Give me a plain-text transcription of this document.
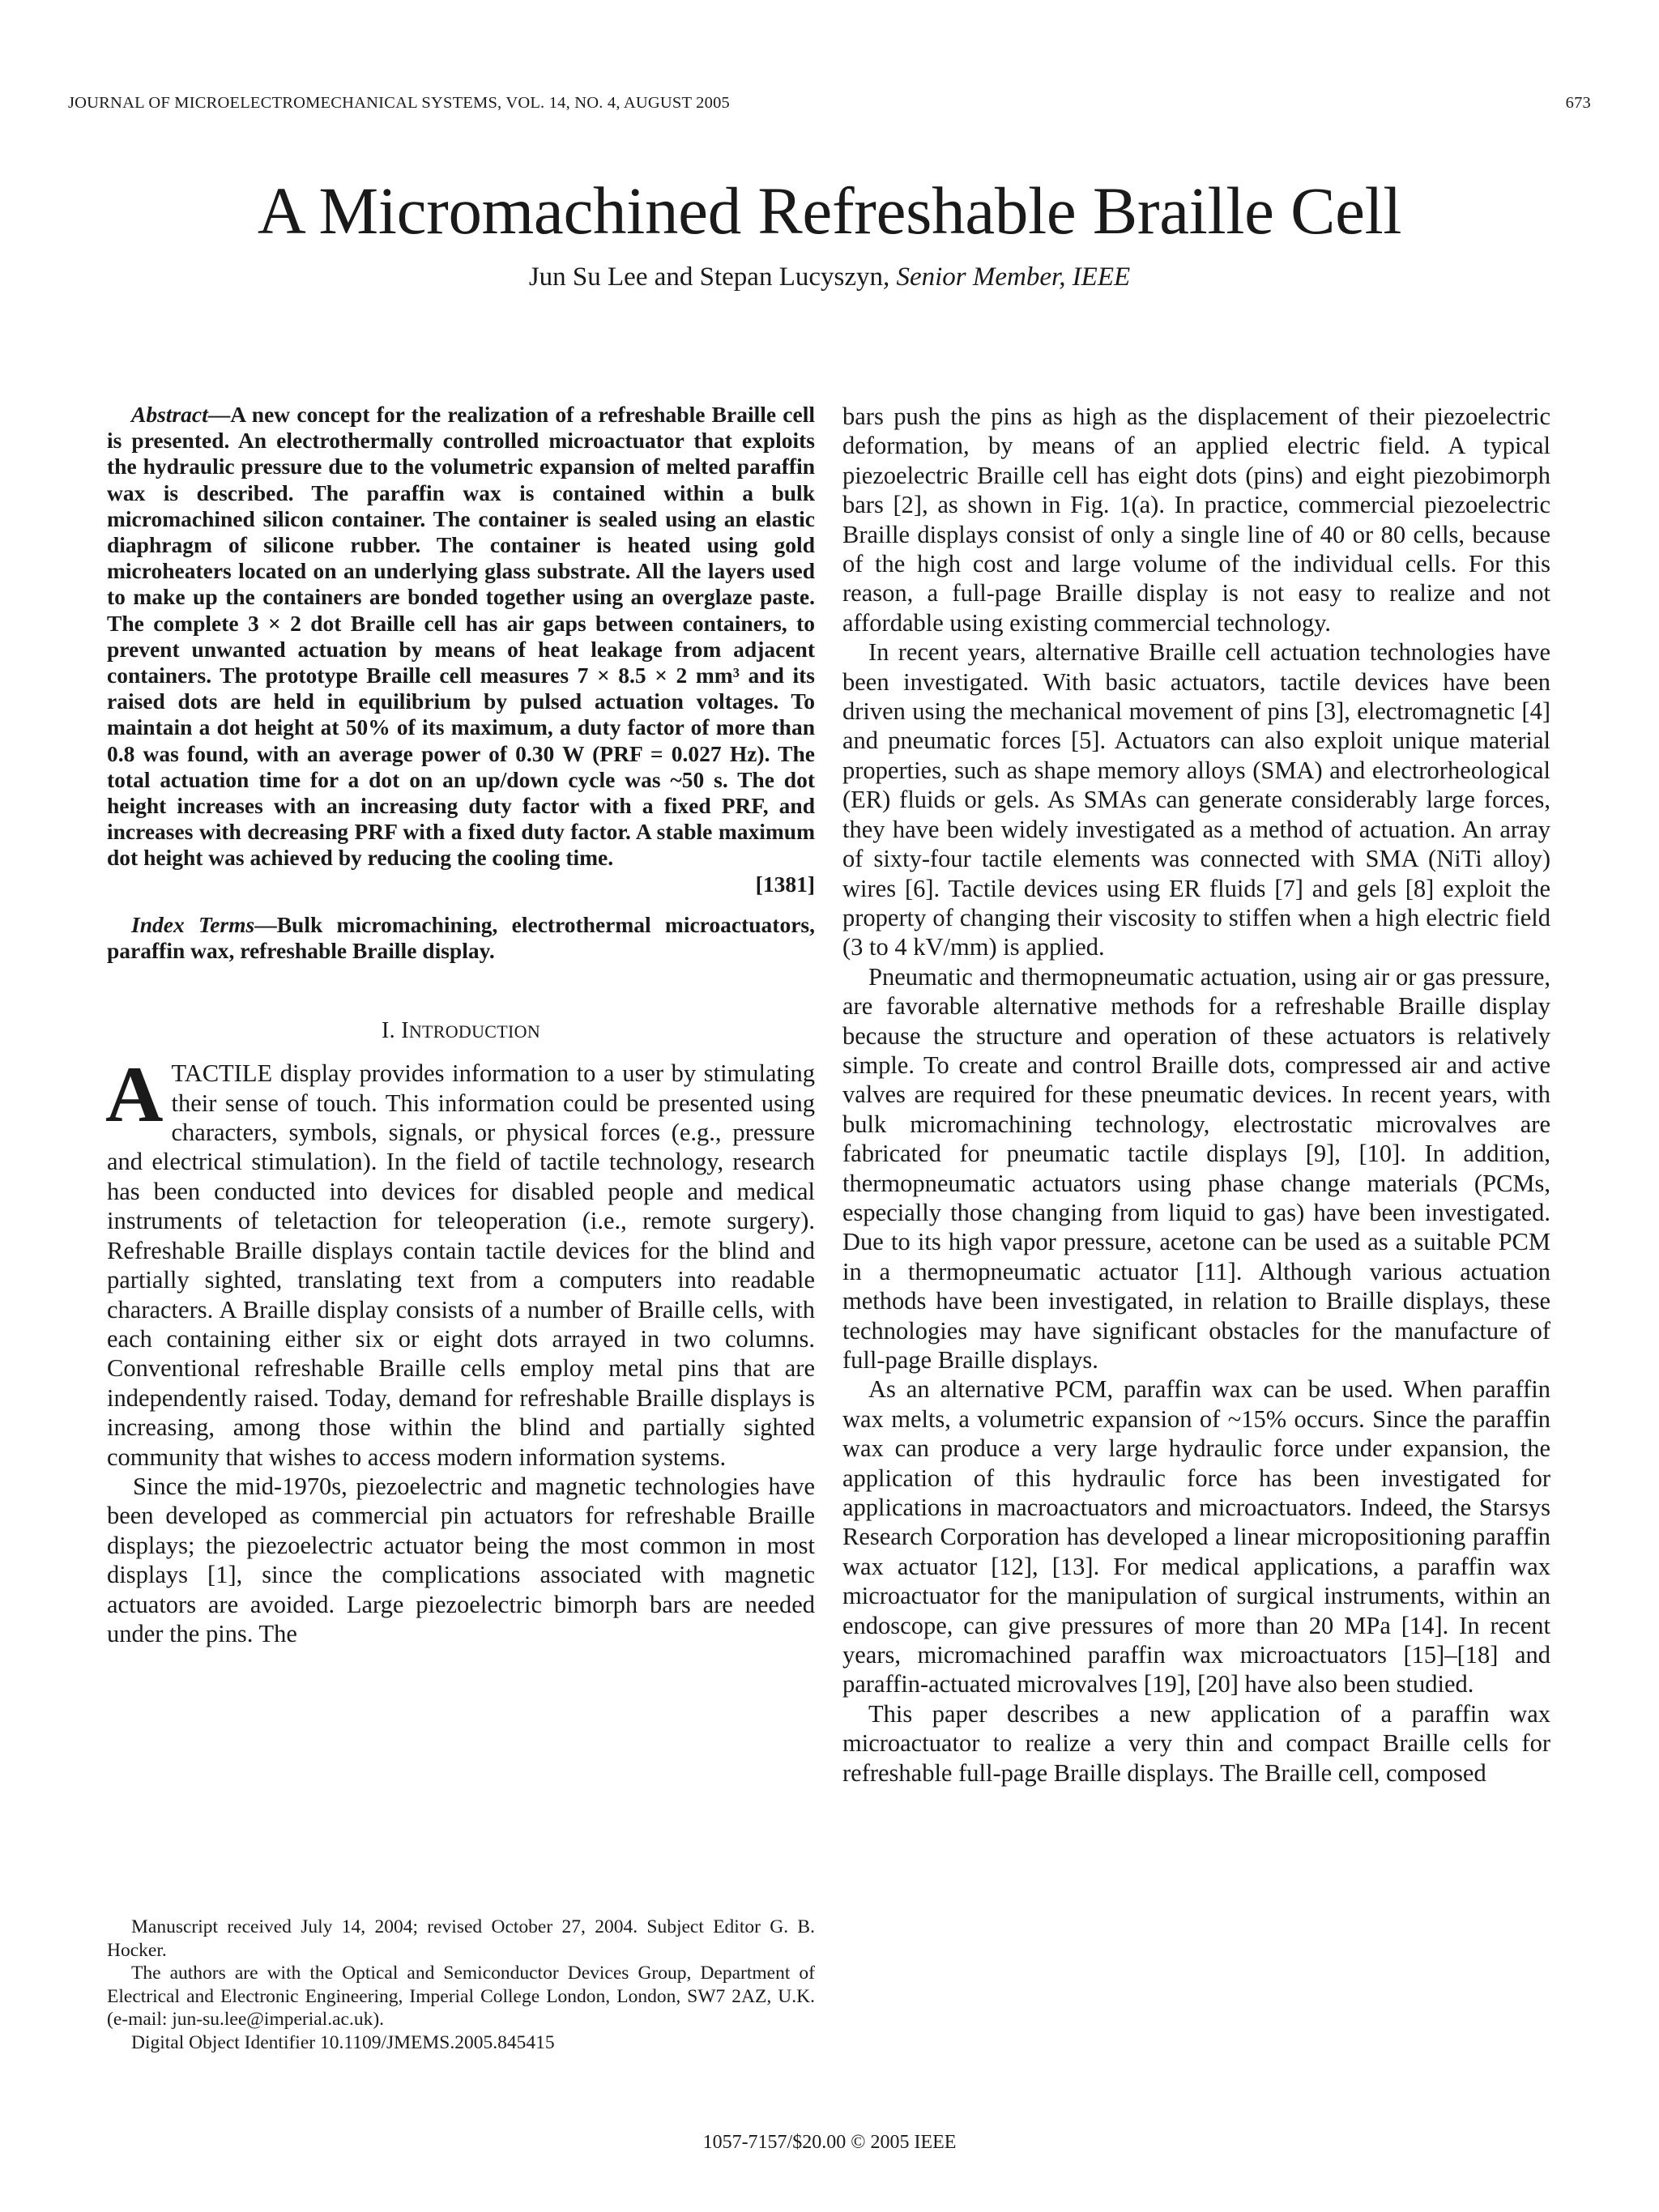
JOURNAL OF MICROELECTROMECHANICAL SYSTEMS, VOL. 14, NO. 4, AUGUST 2005	673
A Micromachined Refreshable Braille Cell
Jun Su Lee and Stepan Lucyszyn, Senior Member, IEEE

Abstract—A new concept for the realization of a refreshable Braille cell is presented. An electrothermally controlled microactuator that exploits the hydraulic pressure due to the volumetric expansion of melted paraffin wax is described. The paraffin wax is contained within a bulk micromachined silicon container. The container is sealed using an elastic diaphragm of silicone rubber. The container is heated using gold microheaters located on an underlying glass substrate. All the layers used to make up the containers are bonded together using an overglaze paste. The complete 3 × 2 dot Braille cell has air gaps between containers, to prevent unwanted actuation by means of heat leakage from adjacent containers. The prototype Braille cell measures 7 × 8.5 × 2 mm³ and its raised dots are held in equilibrium by pulsed actuation voltages. To maintain a dot height at 50% of its maximum, a duty factor of more than 0.8 was found, with an average power of 0.30 W (PRF = 0.027 Hz). The total actuation time for a dot on an up/down cycle was ~50 s. The dot height increases with an increasing duty factor with a fixed PRF, and increases with decreasing PRF with a fixed duty factor. A stable maximum dot height was achieved by reducing the cooling time.
[1381]

Index Terms—Bulk micromachining, electrothermal microactuators, paraffin wax, refreshable Braille display.

I. INTRODUCTION

ATACTILE display provides information to a user by stimulating their sense of touch. This information could be presented using characters, symbols, signals, or physical forces (e.g., pressure and electrical stimulation). In the field of tactile technology, research has been conducted into devices for disabled people and medical instruments of teletaction for teleoperation (i.e., remote surgery). Refreshable Braille displays contain tactile devices for the blind and partially sighted, translating text from a computers into readable characters. A Braille display consists of a number of Braille cells, with each containing either six or eight dots arrayed in two columns. Conventional refreshable Braille cells employ metal pins that are independently raised. Today, demand for refreshable Braille displays is increasing, among those within the blind and partially sighted community that wishes to access modern information systems.

Since the mid-1970s, piezoelectric and magnetic technologies have been developed as commercial pin actuators for refreshable Braille displays; the piezoelectric actuator being the most common in most displays [1], since the complications associated with magnetic actuators are avoided. Large piezoelectric bimorph bars are needed under the pins. The

bars push the pins as high as the displacement of their piezoelectric deformation, by means of an applied electric field. A typical piezoelectric Braille cell has eight dots (pins) and eight piezobimorph bars [2], as shown in Fig. 1(a). In practice, commercial piezoelectric Braille displays consist of only a single line of 40 or 80 cells, because of the high cost and large volume of the individual cells. For this reason, a full-page Braille display is not easy to realize and not affordable using existing commercial technology.

In recent years, alternative Braille cell actuation technologies have been investigated. With basic actuators, tactile devices have been driven using the mechanical movement of pins [3], electromagnetic [4] and pneumatic forces [5]. Actuators can also exploit unique material properties, such as shape memory alloys (SMA) and electrorheological (ER) fluids or gels. As SMAs can generate considerably large forces, they have been widely investigated as a method of actuation. An array of sixty-four tactile elements was connected with SMA (NiTi alloy) wires [6]. Tactile devices using ER fluids [7] and gels [8] exploit the property of changing their viscosity to stiffen when a high electric field (3 to 4 kV/mm) is applied.

Pneumatic and thermopneumatic actuation, using air or gas pressure, are favorable alternative methods for a refreshable Braille display because the structure and operation of these actuators is relatively simple. To create and control Braille dots, compressed air and active valves are required for these pneumatic devices. In recent years, with bulk micromachining technology, electrostatic microvalves are fabricated for pneumatic tactile displays [9], [10]. In addition, thermopneumatic actuators using phase change materials (PCMs, especially those changing from liquid to gas) have been investigated. Due to its high vapor pressure, acetone can be used as a suitable PCM in a thermopneumatic actuator [11]. Although various actuation methods have been investigated, in relation to Braille displays, these technologies may have significant obstacles for the manufacture of full-page Braille displays.

As an alternative PCM, paraffin wax can be used. When paraffin wax melts, a volumetric expansion of ~15% occurs. Since the paraffin wax can produce a very large hydraulic force under expansion, the application of this hydraulic force has been investigated for applications in macroactuators and microactuators. Indeed, the Starsys Research Corporation has developed a linear micropositioning paraffin wax actuator [12], [13]. For medical applications, a paraffin wax microactuator for the manipulation of surgical instruments, within an endoscope, can give pressures of more than 20 MPa [14]. In recent years, micromachined paraffin wax microactuators [15]–[18] and paraffin-actuated microvalves [19], [20] have also been studied.

This paper describes a new application of a paraffin wax microactuator to realize a very thin and compact Braille cells for refreshable full-page Braille displays. The Braille cell, composed

Manuscript received July 14, 2004; revised October 27, 2004. Subject Editor G. B. Hocker.

The authors are with the Optical and Semiconductor Devices Group, Department of Electrical and Electronic Engineering, Imperial College London, London, SW7 2AZ, U.K. (e-mail: jun-su.lee@imperial.ac.uk).

Digital Object Identifier 10.1109/JMEMS.2005.845415

1057-7157/$20.00 © 2005 IEEE
